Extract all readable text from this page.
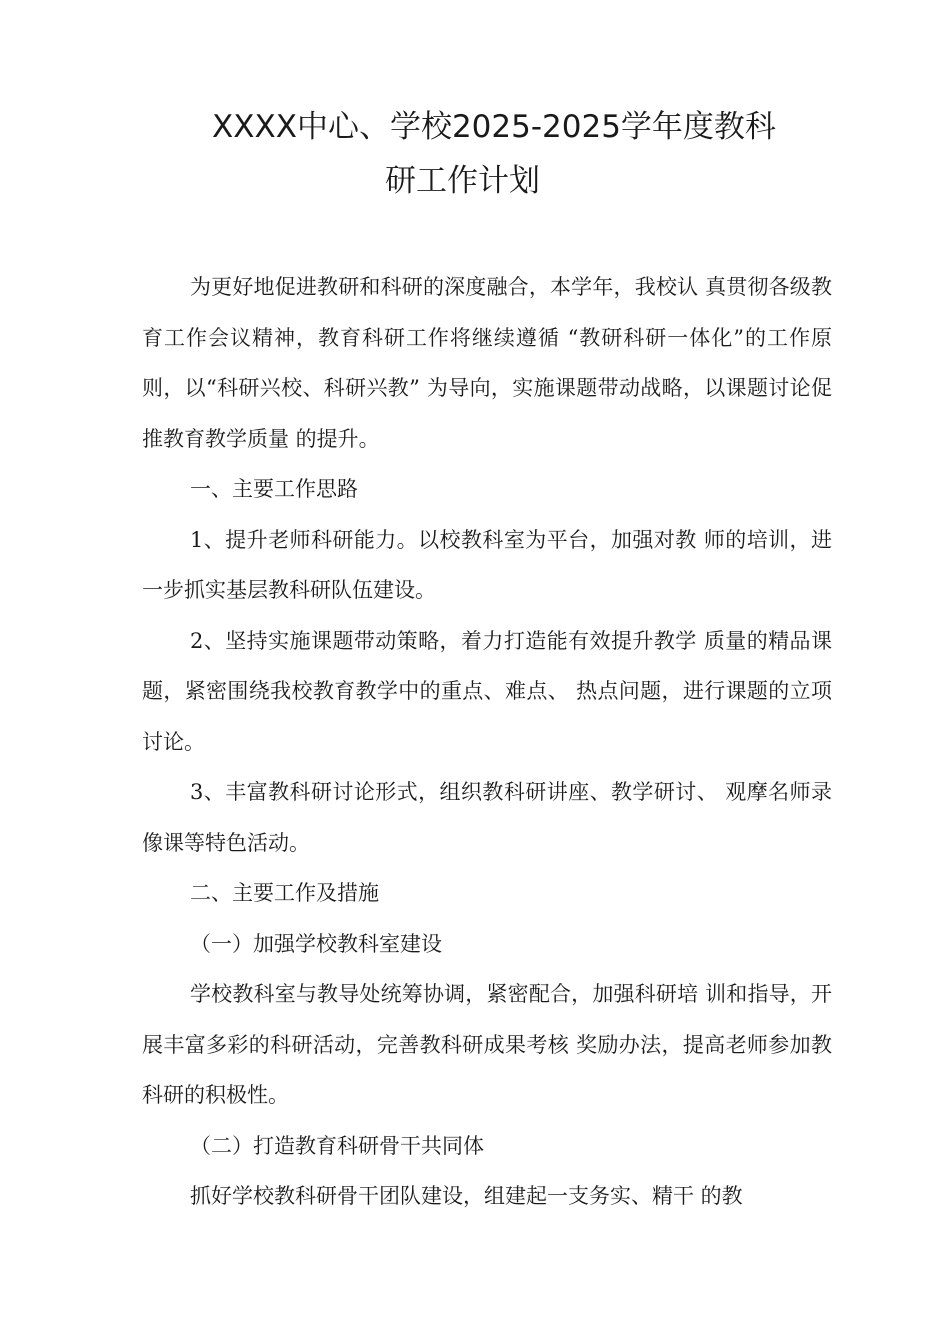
XXXX中心、学校2025-2025学年度教科
研工作计划

为更好地促进教研和科研的深度融合，本学年，我校认 真贯彻各级教育工作会议精神，教育科研工作将继续遵循 “教研科研一体化”的工作原则，以“科研兴校、科研兴教” 为导向，实施课题带动战略，以课题讨论促推教育教学质量 的提升。

一、主要工作思路

1、提升老师科研能力。以校教科室为平台，加强对教 师的培训，进一步抓实基层教科研队伍建设。

2、坚持实施课题带动策略，着力打造能有效提升教学 质量的精品课题，紧密围绕我校教育教学中的重点、难点、 热点问题，进行课题的立项讨论。

3、丰富教科研讨论形式，组织教科研讲座、教学研讨、 观摩名师录像课等特色活动。

二、主要工作及措施

（一）加强学校教科室建设

学校教科室与教导处统筹协调，紧密配合，加强科研培 训和指导，开展丰富多彩的科研活动，完善教科研成果考核 奖励办法，提高老师参加教科研的积极性。

（二）打造教育科研骨干共同体

抓好学校教科研骨干团队建设，组建起一支务实、精干 的教
